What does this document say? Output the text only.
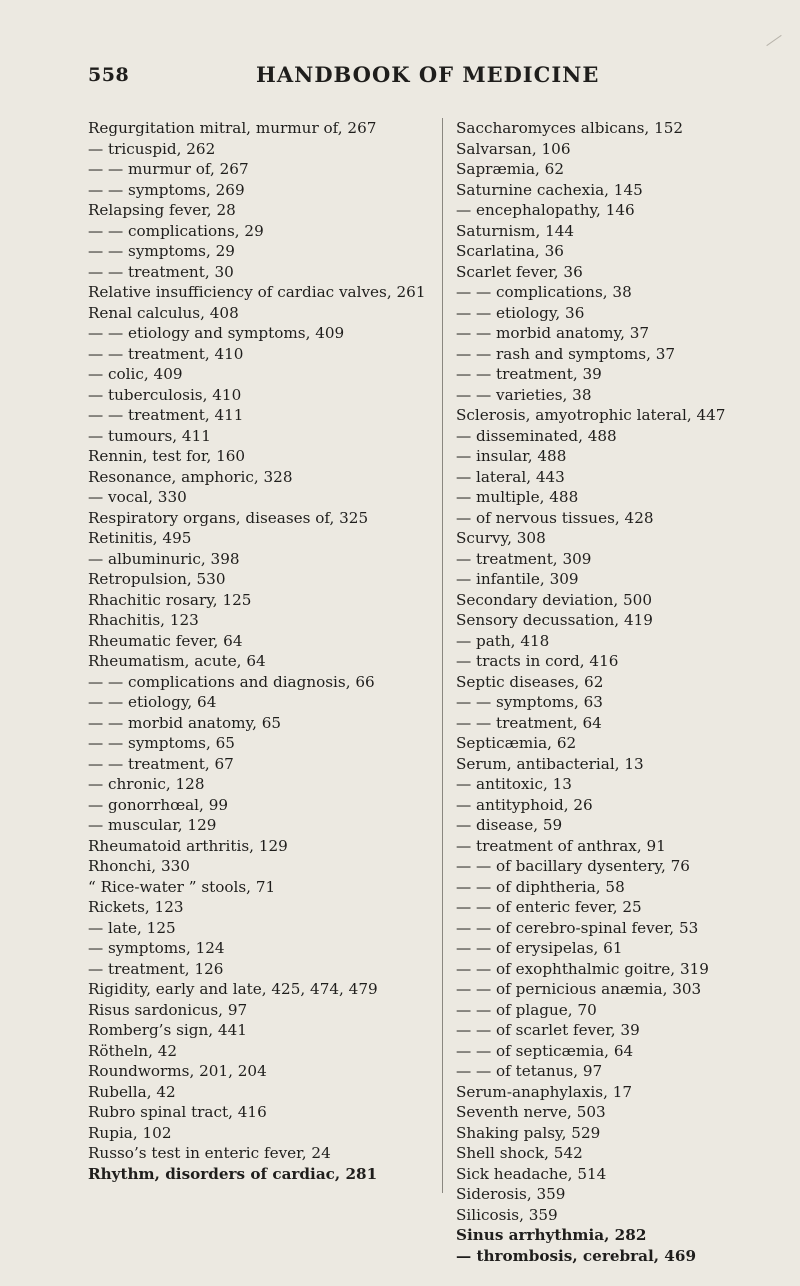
558	HANDBOOK OF MEDICINE

Regurgitation mitral, murmur of, 267

— tricuspid, 262

— — murmur of, 267

— — symptoms, 269

Relapsing fever, 28

— — complications, 29

— — symptoms, 29

— — treatment, 30

Relative insufficiency of cardiac valves, 261

Renal calculus, 408

— — etiology and symptoms, 409

— — treatment, 410

— colic, 409

— tuberculosis, 410

— — treatment, 411

— tumours, 411

Rennin, test for, 160

Resonance, amphoric, 328

— vocal, 330

Respiratory organs, diseases of, 325

Retinitis, 495

— albuminuric, 398

Retropulsion, 530

Rhachitic rosary, 125

Rhachitis, 123

Rheumatic fever, 64

Rheumatism, acute, 64

— — complications and diagnosis, 66

— — etiology, 64

— — morbid anatomy, 65

— — symptoms, 65

— — treatment, 67

— chronic, 128

— gonorrhœal, 99

— muscular, 129

Rheumatoid arthritis, 129

Rhonchi, 330

“ Rice-water ” stools, 71

Rickets, 123

— late, 125

— symptoms, 124

— treatment, 126

Rigidity, early and late, 425, 474, 479

Risus sardonicus, 97

Romberg’s sign, 441

Rötheln, 42

Roundworms, 201, 204

Rubella, 42

Rubro spinal tract, 416

Rupia, 102

Russo’s test in enteric fever, 24

Rhythm, disorders of cardiac, 281

Saccharomyces albicans, 152

Salvarsan, 106

Sapræmia, 62

Saturnine cachexia, 145

— encephalopathy, 146

Saturnism, 144

Scarlatina, 36

Scarlet fever, 36

— — complications, 38

— — etiology, 36

— — morbid anatomy, 37

— — rash and symptoms, 37

— — treatment, 39

— — varieties, 38

Sclerosis, amyotrophic lateral, 447

— disseminated, 488

— insular, 488

— lateral, 443

— multiple, 488

— of nervous tissues, 428

Scurvy, 308

— treatment, 309

— infantile, 309

Secondary deviation, 500

Sensory decussation, 419

— path, 418

— tracts in cord, 416

Septic diseases, 62

— — symptoms, 63

— — treatment, 64

Septicæmia, 62

Serum, antibacterial, 13

— antitoxic, 13

— antityphoid, 26

— disease, 59

— treatment of anthrax, 91

— — of bacillary dysentery, 76

— — of diphtheria, 58

— — of enteric fever, 25

— — of cerebro-spinal fever, 53

— — of erysipelas, 61

— — of exophthalmic goitre, 319

— — of pernicious anæmia, 303

— — of plague, 70

— — of scarlet fever, 39

— — of septicæmia, 64

— — of tetanus, 97

Serum-anaphylaxis, 17

Seventh nerve, 503

Shaking palsy, 529

Shell shock, 542

Sick headache, 514

Siderosis, 359

Silicosis, 359

Sinus arrhythmia, 282

— thrombosis, cerebral, 469
